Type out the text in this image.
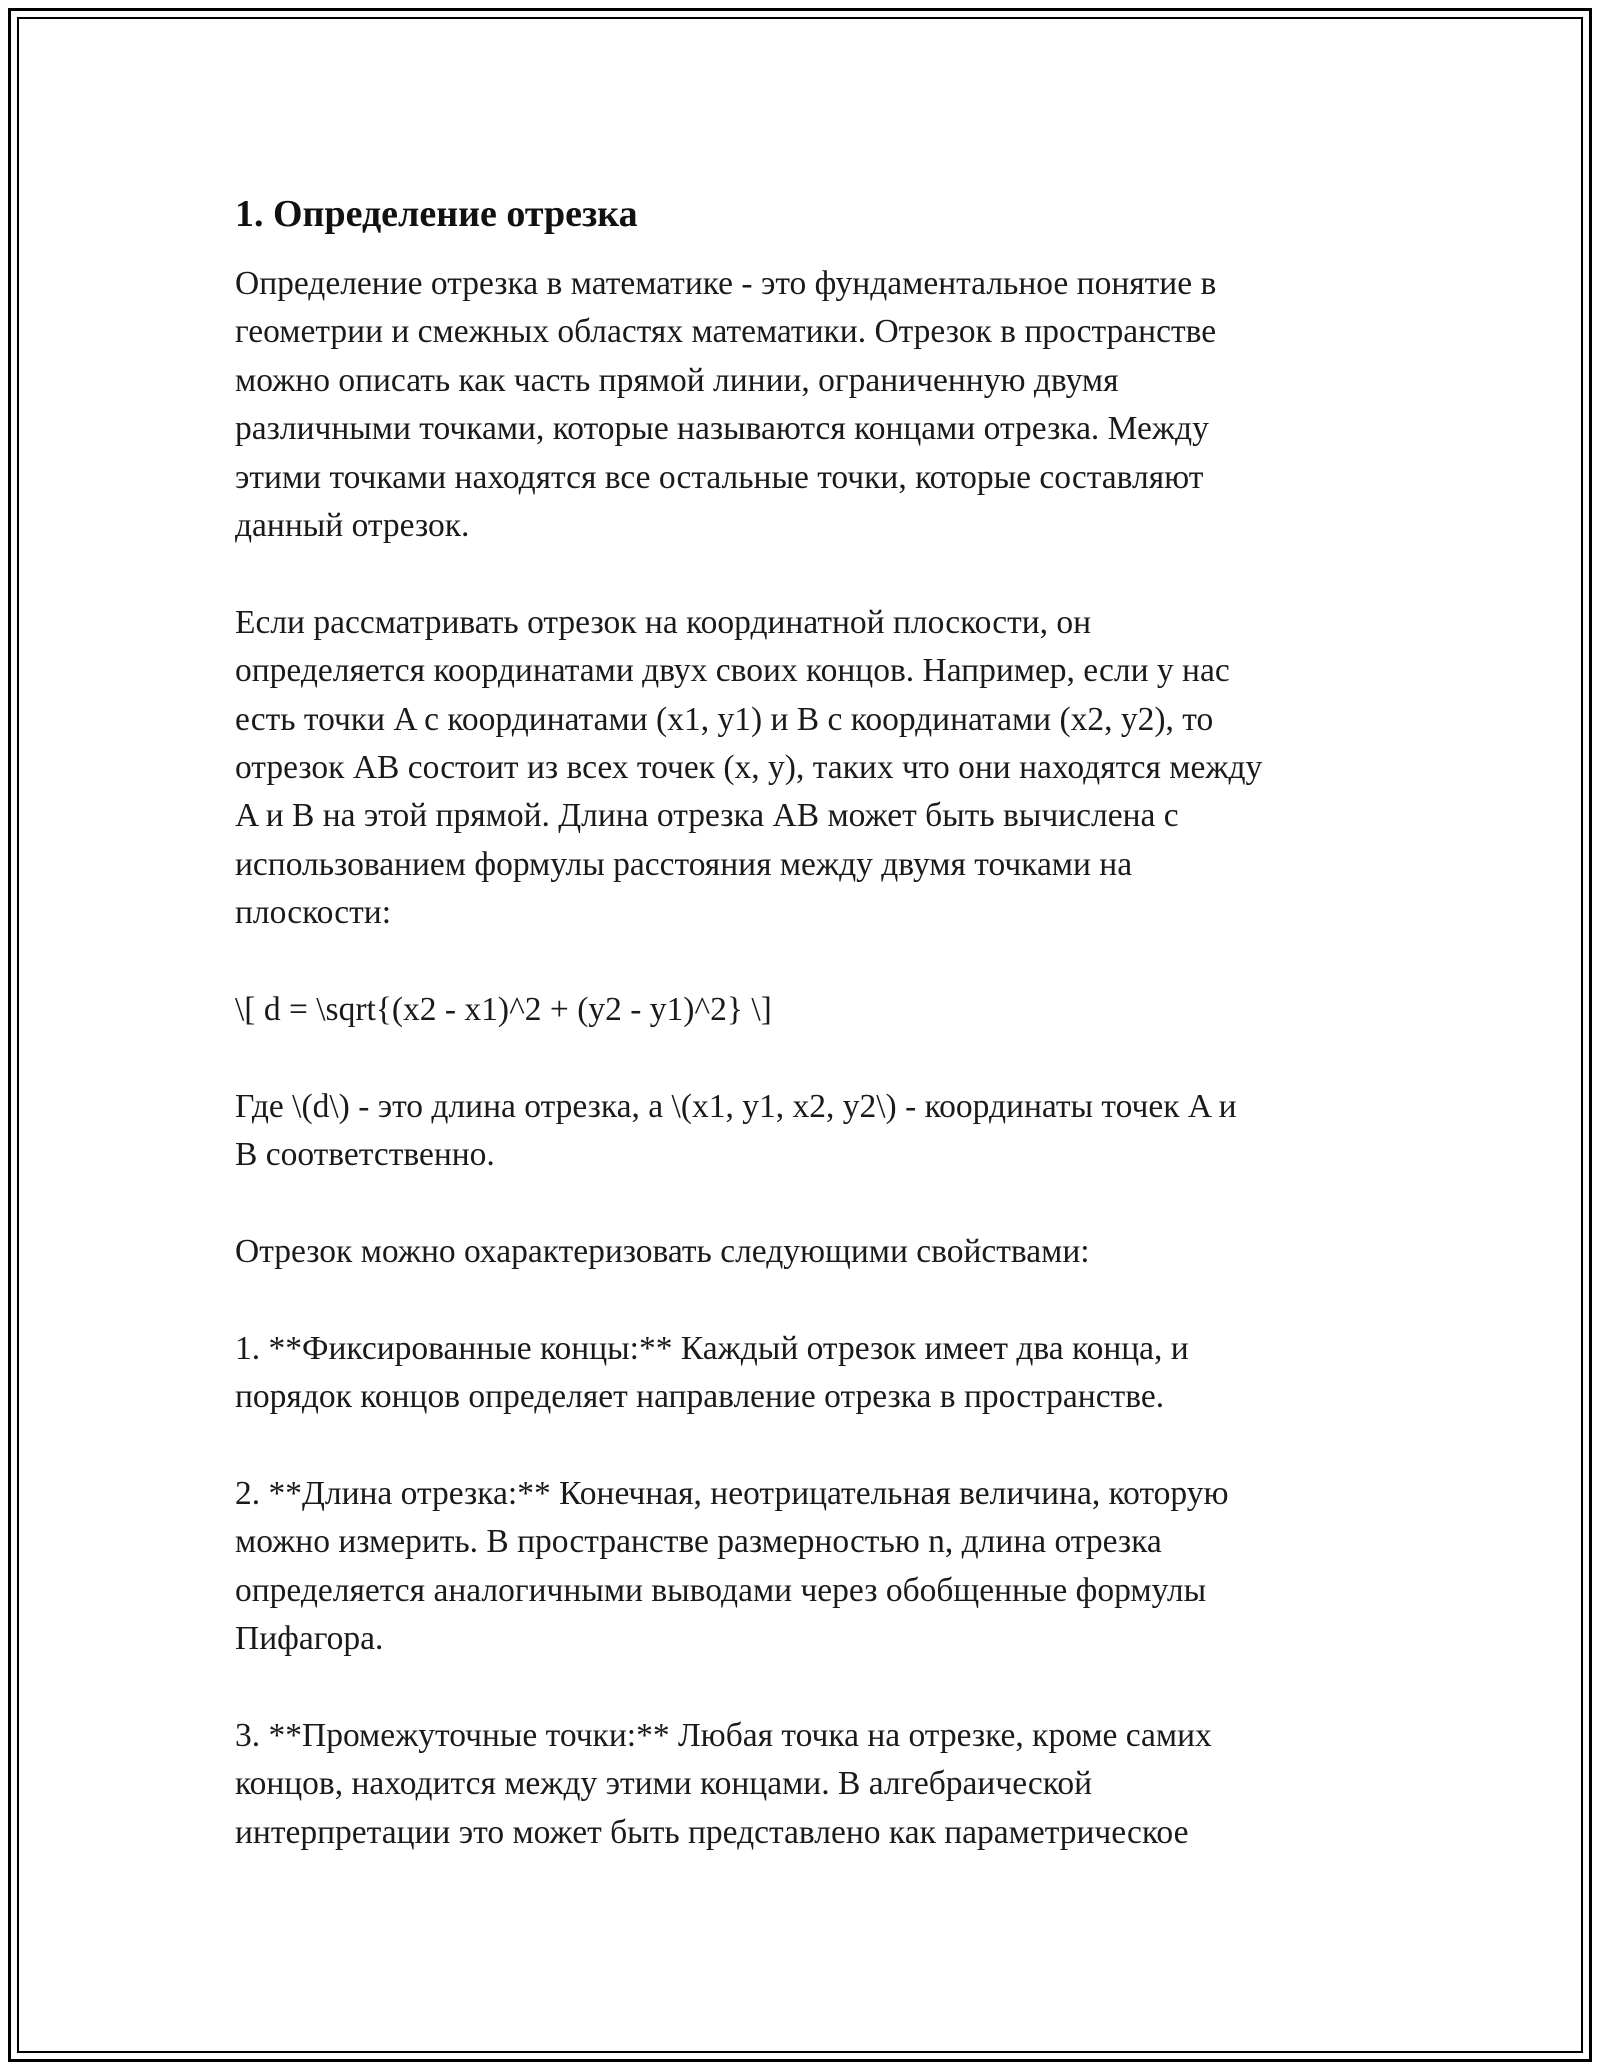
1. Определение отрезка

Определение отрезка в математике - это фундаментальное понятие в
геометрии и смежных областях математики. Отрезок в пространстве
можно описать как часть прямой линии, ограниченную двумя
различными точками, которые называются концами отрезка. Между
этими точками находятся все остальные точки, которые составляют
данный отрезок.

Если рассматривать отрезок на координатной плоскости, он
определяется координатами двух своих концов. Например, если у нас
есть точки A с координатами (x1, y1) и B с координатами (x2, y2), то
отрезок AB состоит из всех точек (x, y), таких что они находятся между
A и B на этой прямой. Длина отрезка AB может быть вычислена с
использованием формулы расстояния между двумя точками на
плоскости:

\[ d = \sqrt{(x2 - x1)^2 + (y2 - y1)^2} \]

Где \(d\) - это длина отрезка, а \(x1, y1, x2, y2\) - координаты точек A и
B соответственно.

Отрезок можно охарактеризовать следующими свойствами:

1. **Фиксированные концы:** Каждый отрезок имеет два конца, и
порядок концов определяет направление отрезка в пространстве.

2. **Длина отрезка:** Конечная, неотрицательная величина, которую
можно измерить. В пространстве размерностью n, длина отрезка
определяется аналогичными выводами через обобщенные формулы
Пифагора.

3. **Промежуточные точки:** Любая точка на отрезке, кроме самих
концов, находится между этими концами. В алгебраической
интерпретации это может быть представлено как параметрическое
